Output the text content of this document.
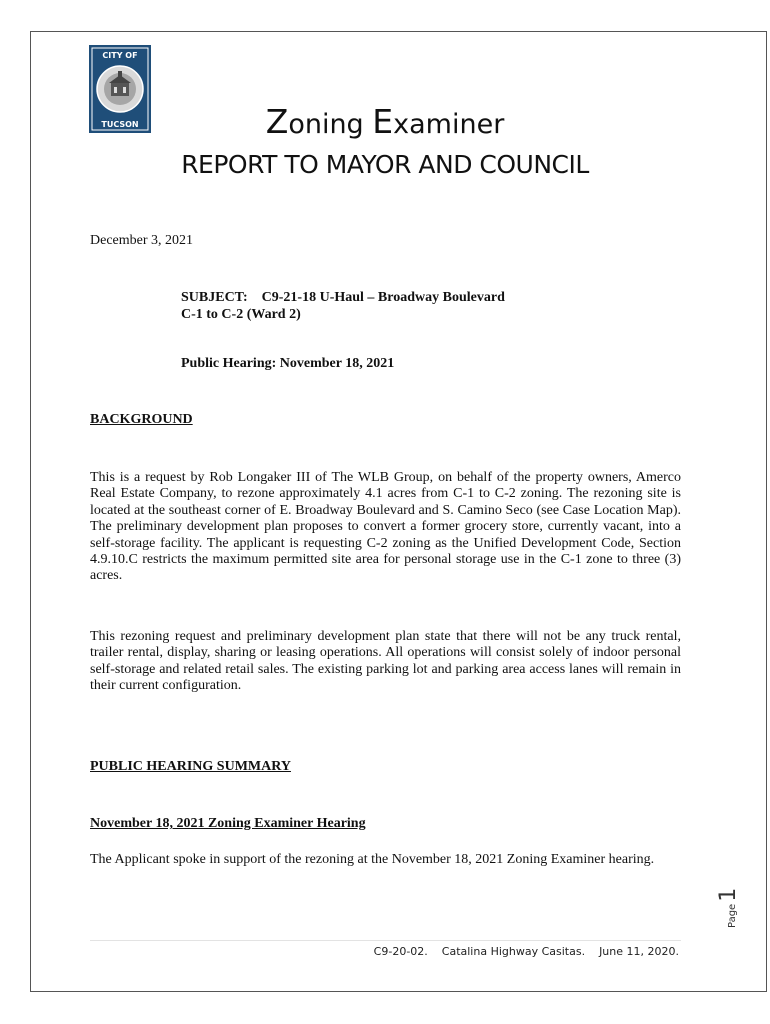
CITY OF
TUCSON	Zoning Examiner
REPORT TO MAYOR AND COUNCIL
December 3, 2021
SUBJECT: C9-21-18 U-Haul – Broadway Boulevard
C-1 to C-2 (Ward 2)
Public Hearing: November 18, 2021
BACKGROUND
This is a request by Rob Longaker III of The WLB Group, on behalf of the property owners, Amerco Real Estate Company, to rezone approximately 4.1 acres from C-1 to C-2 zoning. The rezoning site is located at the southeast corner of E. Broadway Boulevard and S. Camino Seco (see Case Location Map). The preliminary development plan proposes to convert a former grocery store, currently vacant, into a self-storage facility. The applicant is requesting C-2 zoning as the Unified Development Code, Section 4.9.10.C restricts the maximum permitted site area for personal storage use in the C-1 zone to three (3) acres.
This rezoning request and preliminary development plan state that there will not be any truck rental, trailer rental, display, sharing or leasing operations. All operations will consist solely of indoor personal self-storage and related retail sales. The existing parking lot and parking area access lanes will remain in their current configuration.
PUBLIC HEARING SUMMARY
November 18, 2021 Zoning Examiner Hearing
The Applicant spoke in support of the rezoning at the November 18, 2021 Zoning Examiner hearing.
Page1
C9-20-02.    Catalina Highway Casitas.    June 11, 2020.
